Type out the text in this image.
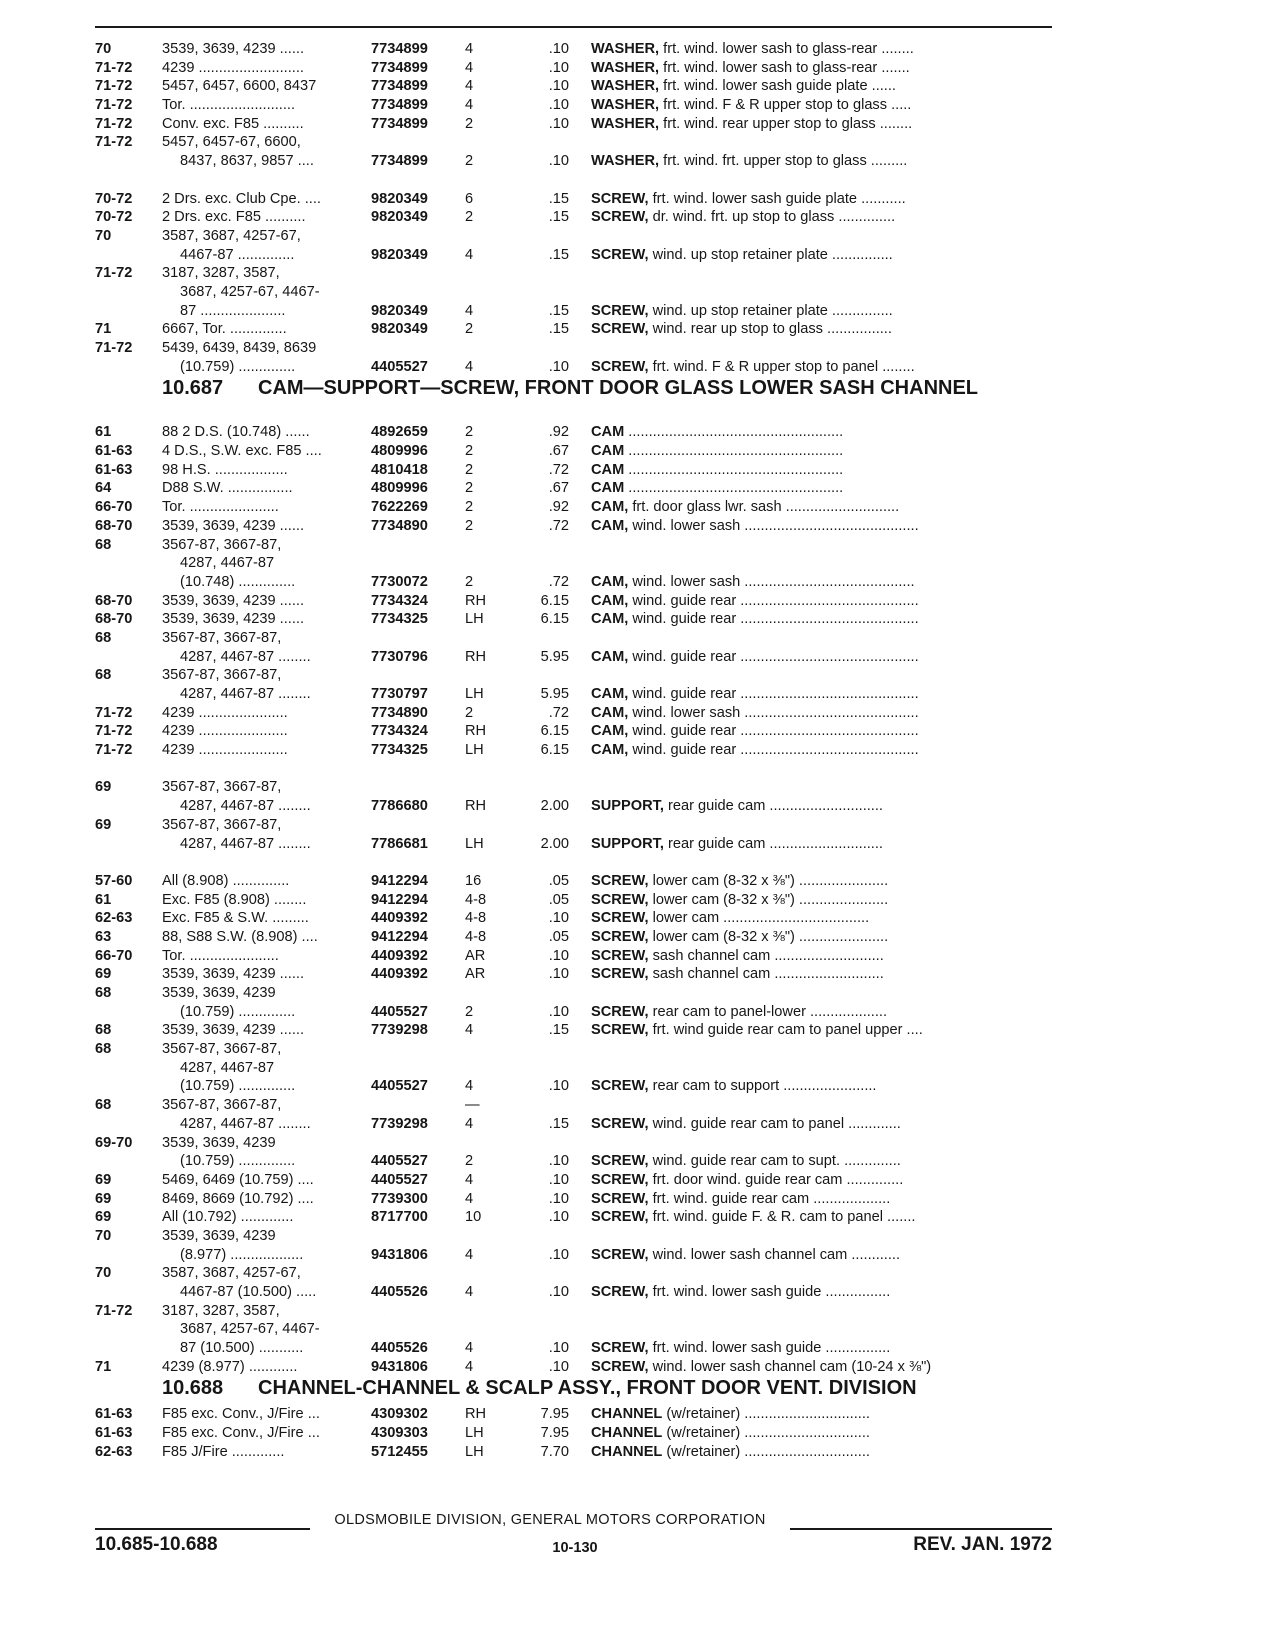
70	3539, 3639, 4239 ......	7734899	4	.10 WASHER, frt. wind. lower sash to glass-rear ........
71-72 4239 ..........................	7734899	4	.10 WASHER, frt. wind. lower sash to glass-rear .......
71-72 5457, 6457, 6600, 8437	7734899	4	.10 WASHER, frt. wind. lower sash guide plate ......
71-72 Tor. ..........................	7734899	4	.10 WASHER, frt. wind. F & R upper stop to glass .....
71-72 Conv. exc. F85 ..........	7734899	2	.10 WASHER, frt. wind. rear upper stop to glass ........
71-72 5457, 6457-67, 6600,
8437, 8637, 9857 ....	7734899	2	.10 WASHER, frt. wind. frt. upper stop to glass .........
70-72 2 Drs. exc. Club Cpe. ....	9820349	6	.15 SCREW, frt. wind. lower sash guide plate ...........
70-72 2 Drs. exc. F85 ..........	9820349	2	.15 SCREW, dr. wind. frt. up stop to glass ..............
70	3587, 3687, 4257-67,
4467-87 ..............	9820349	4	.15 SCREW, wind. up stop retainer plate ...............
71-72 3187, 3287, 3587,
3687, 4257-67, 4467-
87 .....................	9820349	4	.15 SCREW, wind. up stop retainer plate ...............
71	6667, Tor. ..............	9820349	2	.15 SCREW, wind. rear up stop to glass ................
71-72 5439, 6439, 8439, 8639
(10.759) ..............	4405527	4	.10 SCREW, frt. wind. F & R upper stop to panel ........
10.687 CAM—SUPPORT—SCREW, FRONT DOOR GLASS LOWER SASH CHANNEL
61	88 2 D.S. (10.748) ......	4892659	2	.92 CAM .....................................................
61-63 4 D.S., S.W. exc. F85 ....	4809996	2	.67 CAM .....................................................
61-63 98 H.S. ..................	4810418	2	.72 CAM .....................................................
64	D88 S.W. ................	4809996	2	.67 CAM .....................................................
66-70 Tor. ......................	7622269	2	.92 CAM, frt. door glass lwr. sash ............................
68-70 3539, 3639, 4239 ......	7734890	2	.72 CAM, wind. lower sash ...........................................
68	3567-87, 3667-87,
4287, 4467-87
(10.748) ..............	7730072	2	.72 CAM, wind. lower sash ..........................................
68-70 3539, 3639, 4239 ......	7734324	RH	6.15 CAM, wind. guide rear ............................................
68-70 3539, 3639, 4239 ......	7734325	LH	6.15 CAM, wind. guide rear ............................................
68	3567-87, 3667-87,
4287, 4467-87 ........	7730796	RH	5.95 CAM, wind. guide rear ............................................
68	3567-87, 3667-87,
4287, 4467-87 ........	7730797	LH	5.95 CAM, wind. guide rear ............................................
71-72 4239 ......................	7734890	2	.72 CAM, wind. lower sash ...........................................
71-72 4239 ......................	7734324	RH	6.15 CAM, wind. guide rear ............................................
71-72 4239 ......................	7734325	LH	6.15 CAM, wind. guide rear ............................................
69	3567-87, 3667-87,
4287, 4467-87 ........	7786680	RH	2.00 SUPPORT, rear guide cam ............................
69	3567-87, 3667-87,
4287, 4467-87 ........	7786681	LH	2.00 SUPPORT, rear guide cam ............................
57-60 All (8.908) ..............	9412294	16	.05 SCREW, lower cam (8-32 x ⅜") ......................
61	Exc. F85 (8.908) ........	9412294	4-8	.05 SCREW, lower cam (8-32 x ⅜") ......................
62-63 Exc. F85 & S.W. .........	4409392	4-8	.10 SCREW, lower cam ....................................
63	88, S88 S.W. (8.908) ....	9412294	4-8	.05 SCREW, lower cam (8-32 x ⅜") ......................
66-70 Tor. ......................	4409392	AR	.10 SCREW, sash channel cam ...........................
69	3539, 3639, 4239 ......	4409392	AR	.10 SCREW, sash channel cam ...........................
68	3539, 3639, 4239
(10.759) ..............	4405527	2	.10 SCREW, rear cam to panel-lower ...................
68	3539, 3639, 4239 ......	7739298	4	.15 SCREW, frt. wind guide rear cam to panel upper ....
68	3567-87, 3667-87,
4287, 4467-87
(10.759) ..............	4405527	4	.10 SCREW, rear cam to support .......................
68	3567-87, 3667-87,	—
4287, 4467-87 ........	7739298	4	.15 SCREW, wind. guide rear cam to panel .............
69-70 3539, 3639, 4239
(10.759) ..............	4405527	2	.10 SCREW, wind. guide rear cam to supt. ..............
69	5469, 6469 (10.759) ....	4405527	4	.10 SCREW, frt. door wind. guide rear cam ..............
69	8469, 8669 (10.792) ....	7739300	4	.10 SCREW, frt. wind. guide rear cam ...................
69	All (10.792) .............	8717700	10	.10 SCREW, frt. wind. guide F. & R. cam to panel .......
70	3539, 3639, 4239
(8.977) ..................	9431806	4	.10 SCREW, wind. lower sash channel cam ............
70	3587, 3687, 4257-67,
4467-87 (10.500) .....	4405526	4	.10 SCREW, frt. wind. lower sash guide ................
71-72 3187, 3287, 3587,
3687, 4257-67, 4467-
87 (10.500) ...........	4405526	4	.10 SCREW, frt. wind. lower sash guide ................
71	4239 (8.977) ............	9431806	4	.10 SCREW, wind. lower sash channel cam (10-24 x ⅜")
10.688 CHANNEL-CHANNEL & SCALP ASSY., FRONT DOOR VENT. DIVISION
61-63 F85 exc. Conv., J/Fire ...	4309302	RH	7.95 CHANNEL (w/retainer) ...............................
61-63 F85 exc. Conv., J/Fire ...	4309303	LH	7.95 CHANNEL (w/retainer) ...............................
62-63 F85 J/Fire .............	5712455	LH	7.70 CHANNEL (w/retainer) ...............................
OLDSMOBILE DIVISION, GENERAL MOTORS CORPORATION
10.685-10.688	10-130	REV. JAN. 1972
